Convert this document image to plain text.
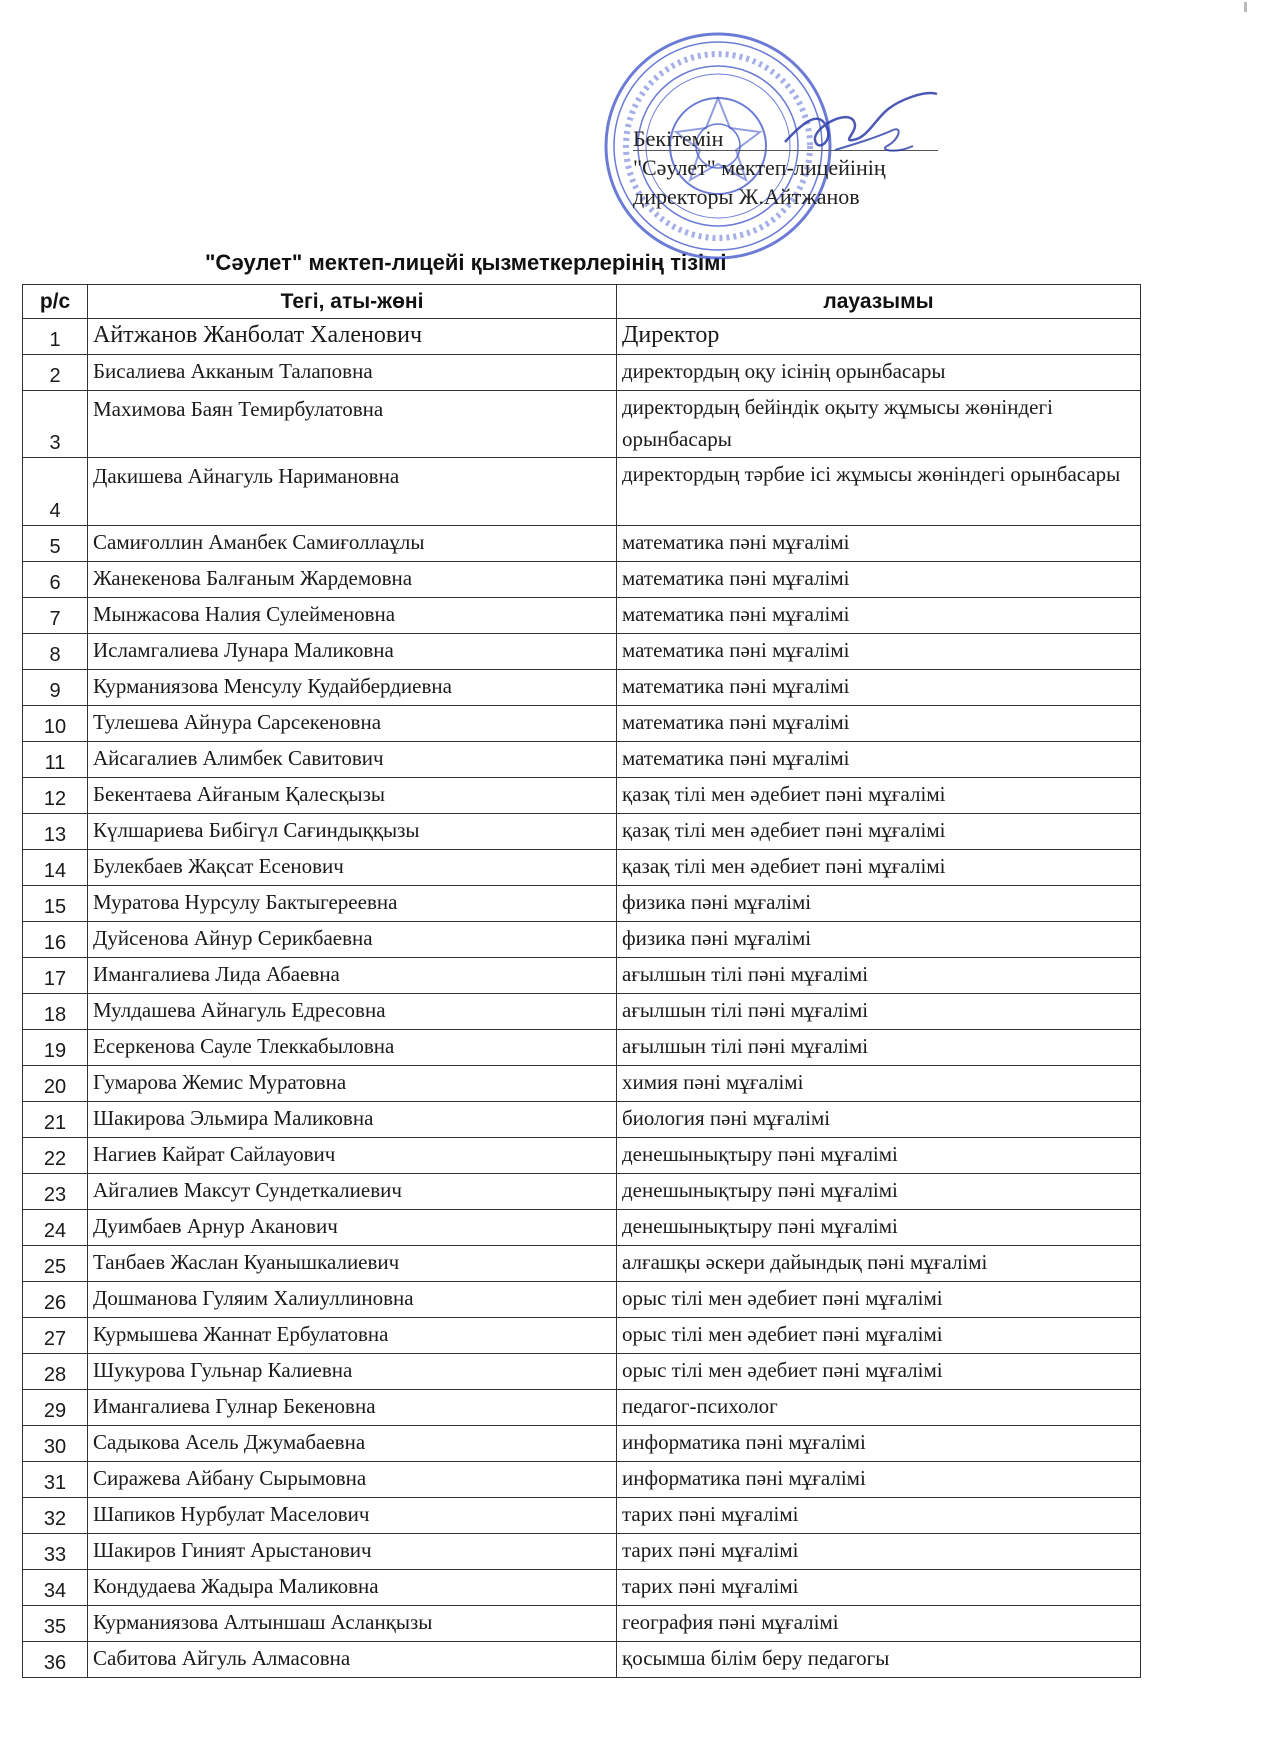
Бекітемін
"Сәулет" мектеп-лицейінің
директоры Ж.Айтжанов
"Сәулет" мектеп-лицейі қызметкерлерінің тізімі
р/с	Тегі, аты-жөні	лауазымы
1	Айтжанов Жанболат Халенович	Директор
2	Бисалиева Акканым Талаповна	директордың оқу ісінің орынбасары
3	Махимова Баян Темирбулатовна	директордың бейіндік оқыту жұмысы жөніндегі орынбасары
4	Дакишева Айнагуль Наримановна	директордың тәрбие ісі жұмысы жөніндегі орынбасары
5	Самиғоллин Аманбек Самиғоллаұлы	математика пәні мұғалімі
6	Жанекенова Балғаным Жардемовна	математика пәні мұғалімі
7	Мынжасова Налия Сулейменовна	математика пәні мұғалімі
8	Исламгалиева Лунара Маликовна	математика пәні мұғалімі
9	Курманиязова Менсулу Кудайбердиевна	математика пәні мұғалімі
10	Тулешева Айнура Сарсекеновна	математика пәні мұғалімі
11	Айсагалиев Алимбек Савитович	математика пәні мұғалімі
12	Бекентаева Айғаным Қалесқызы	қазақ тілі мен әдебиет пәні мұғалімі
13	Күлшариева Бибігүл Сағиндыққызы	қазақ тілі мен әдебиет пәні мұғалімі
14	Булекбаев Жақсат Есенович	қазақ тілі мен әдебиет пәні мұғалімі
15	Муратова Нурсулу Бактыгереевна	физика пәні мұғалімі
16	Дуйсенова Айнур Серикбаевна	физика пәні мұғалімі
17	Имангалиева Лида Абаевна	ағылшын тілі пәні мұғалімі
18	Мулдашева Айнагуль Едресовна	ағылшын тілі пәні мұғалімі
19	Есеркенова Сауле Тлеккабыловна	ағылшын тілі пәні мұғалімі
20	Гумарова Жемис Муратовна	химия пәні мұғалімі
21	Шакирова Эльмира Маликовна	биология пәні мұғалімі
22	Нагиев Кайрат Сайлауович	денешынықтыру пәні мұғалімі
23	Айгалиев Максут Сундеткалиевич	денешынықтыру пәні мұғалімі
24	Дуимбаев Арнур Аканович	денешынықтыру пәні мұғалімі
25	Танбаев Жаслан Куанышкалиевич	алғашқы әскери дайындық пәні мұғалімі
26	Дошманова Гуляим Халиуллиновна	орыс тілі мен әдебиет пәні мұғалімі
27	Курмышева Жаннат Ербулатовна	орыс тілі мен әдебиет пәні мұғалімі
28	Шукурова Гульнар Калиевна	орыс тілі мен әдебиет пәні мұғалімі
29	Имангалиева Гулнар Бекеновна	педагог-психолог
30	Садыкова Асель Джумабаевна	информатика пәні мұғалімі
31	Сиражева Айбану Сырымовна	информатика пәні мұғалімі
32	Шапиков Нурбулат Маселович	тарих пәні мұғалімі
33	Шакиров Гиният Арыстанович	тарих пәні мұғалімі
34	Кондудаева Жадыра Маликовна	тарих пәні мұғалімі
35	Курманиязова Алтыншаш Асланқызы	география пәні мұғалімі
36	Сабитова Айгуль Алмасовна	қосымша білім беру педагогы
